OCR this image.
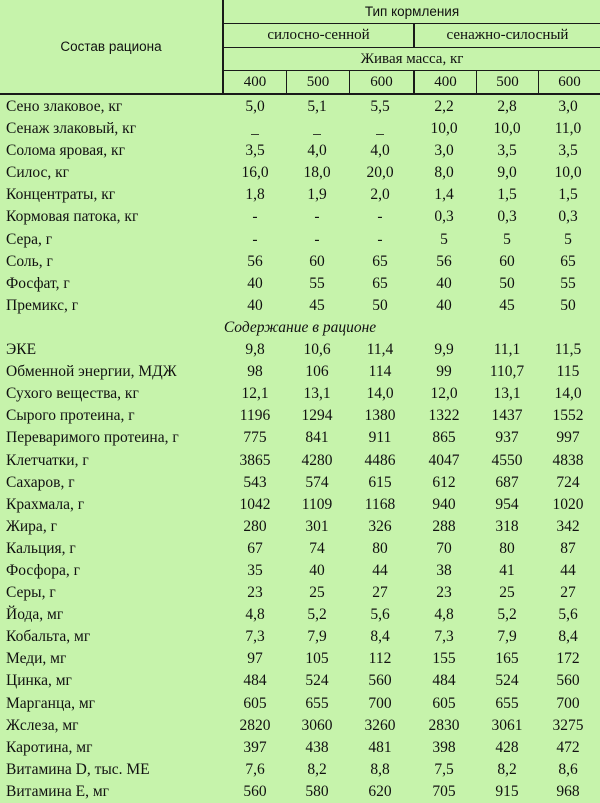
Состав рациона
Тип кормления
силосно-сенной	сенажно-силосный
Живая масса, кг
400	500	600	400	500	600
Сено злаковое, кг	5,0	5,1	5,5	2,2	2,8	3,0
Сенаж злаковый, кг	_	_	_	10,0	10,0	11,0
Солома яровая, кг	3,5	4,0	4,0	3,0	3,5	3,5
Силос, кг	16,0	18,0	20,0	8,0	9,0	10,0
Концентраты, кг	1,8	1,9	2,0	1,4	1,5	1,5
Кормовая патока, кг	-	-	-	0,3	0,3	0,3
Сера, г	-	-	-	5	5	5
Соль, г	56	60	65	56	60	65
Фосфат, г	40	55	65	40	50	55
Премикс, г	40	45	50	40	45	50
Содержание в рационе
ЭКЕ	9,8	10,6	11,4	9,9	11,1	11,5
Обменной энергии, МДЖ	98	106	114	99	110,7	115
Сухого вещества, кг	12,1	13,1	14,0	12,0	13,1	14,0
Сырого протеина, г	1196	1294	1380	1322	1437	1552
Переваримого протеина, г	775	841	911	865	937	997
Клетчатки, г	3865	4280	4486	4047	4550	4838
Сахаров, г	543	574	615	612	687	724
Крахмала, г	1042	1109	1168	940	954	1020
Жира, г	280	301	326	288	318	342
Кальция, г	67	74	80	70	80	87
Фосфора, г	35	40	44	38	41	44
Серы, г	23	25	27	23	25	27
Йода, мг	4,8	5,2	5,6	4,8	5,2	5,6
Кобальта, мг	7,3	7,9	8,4	7,3	7,9	8,4
Меди, мг	97	105	112	155	165	172
Цинка, мг	484	524	560	484	524	560
Марганца, мг	605	655	700	605	655	700
Жслеза, мг	2820	3060	3260	2830	3061	3275
Каротина, мг	397	438	481	398	428	472
Витамина D, тыс. МЕ	7,6	8,2	8,8	7,5	8,2	8,6
Витамина Е, мг	560	580	620	705	915	968
